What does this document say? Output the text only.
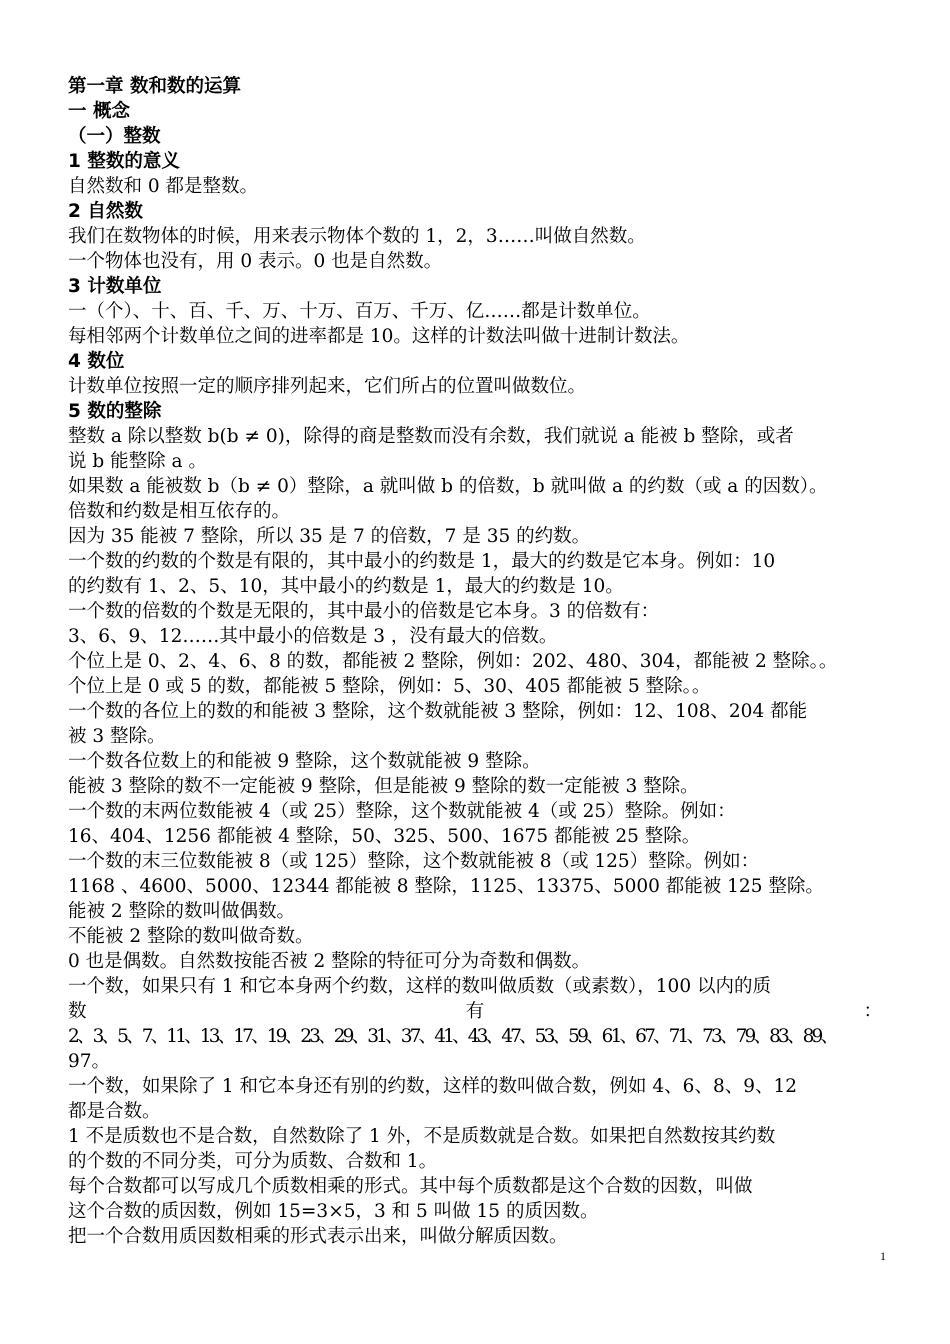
第一章 数和数的运算
一 概念
（一）整数
1 整数的意义
自然数和 0 都是整数。
2 自然数
我们在数物体的时候，用来表示物体个数的 1，2，3……叫做自然数。
一个物体也没有，用 0 表示。0 也是自然数。
3 计数单位
一（个）、十、百、千、万、十万、百万、千万、亿……都是计数单位。
每相邻两个计数单位之间的进率都是 10。这样的计数法叫做十进制计数法。
4 数位
计数单位按照一定的顺序排列起来，它们所占的位置叫做数位。
5 数的整除
整数 a 除以整数 b(b ≠ 0)，除得的商是整数而没有余数，我们就说 a 能被 b 整除，或者
说 b 能整除 a 。
如果数 a 能被数 b（b ≠ 0）整除，a 就叫做 b 的倍数，b 就叫做 a 的约数（或 a 的因数）。
倍数和约数是相互依存的。
因为 35 能被 7 整除，所以 35 是 7 的倍数，7 是 35 的约数。
一个数的约数的个数是有限的，其中最小的约数是 1，最大的约数是它本身。例如：10
的约数有 1、2、5、10，其中最小的约数是 1，最大的约数是 10。
一个数的倍数的个数是无限的，其中最小的倍数是它本身。3 的倍数有：
3、6、9、12……其中最小的倍数是 3 ，没有最大的倍数。
个位上是 0、2、4、6、8 的数，都能被 2 整除，例如：202、480、304，都能被 2 整除。。
个位上是 0 或 5 的数，都能被 5 整除，例如：5、30、405 都能被 5 整除。。
一个数的各位上的数的和能被 3 整除，这个数就能被 3 整除，例如：12、108、204 都能
被 3 整除。
一个数各位数上的和能被 9 整除，这个数就能被 9 整除。
能被 3 整除的数不一定能被 9 整除，但是能被 9 整除的数一定能被 3 整除。
一个数的末两位数能被 4（或 25）整除，这个数就能被 4（或 25）整除。例如：
16、404、1256 都能被 4 整除，50、325、500、1675 都能被 25 整除。
一个数的末三位数能被 8（或 125）整除，这个数就能被 8（或 125）整除。例如：
1168 、4600、5000、12344 都能被 8 整除，1125、13375、5000 都能被 125 整除。
能被 2 整除的数叫做偶数。
不能被 2 整除的数叫做奇数。
0 也是偶数。自然数按能否被 2 整除的特征可分为奇数和偶数。
一个数，如果只有 1 和它本身两个约数，这样的数叫做质数（或素数），100 以内的质
数	有	：
2、3、5、7、11、13、17、19、23、29、31、37、41、43、47、53、59、61、67、71、73、79、83、89、
97。
一个数，如果除了 1 和它本身还有别的约数，这样的数叫做合数，例如 4、6、8、9、12
都是合数。
1 不是质数也不是合数，自然数除了 1 外，不是质数就是合数。如果把自然数按其约数
的个数的不同分类，可分为质数、合数和 1。
每个合数都可以写成几个质数相乘的形式。其中每个质数都是这个合数的因数，叫做
这个合数的质因数，例如 15=3×5，3 和 5 叫做 15 的质因数。
把一个合数用质因数相乘的形式表示出来，叫做分解质因数。
1
